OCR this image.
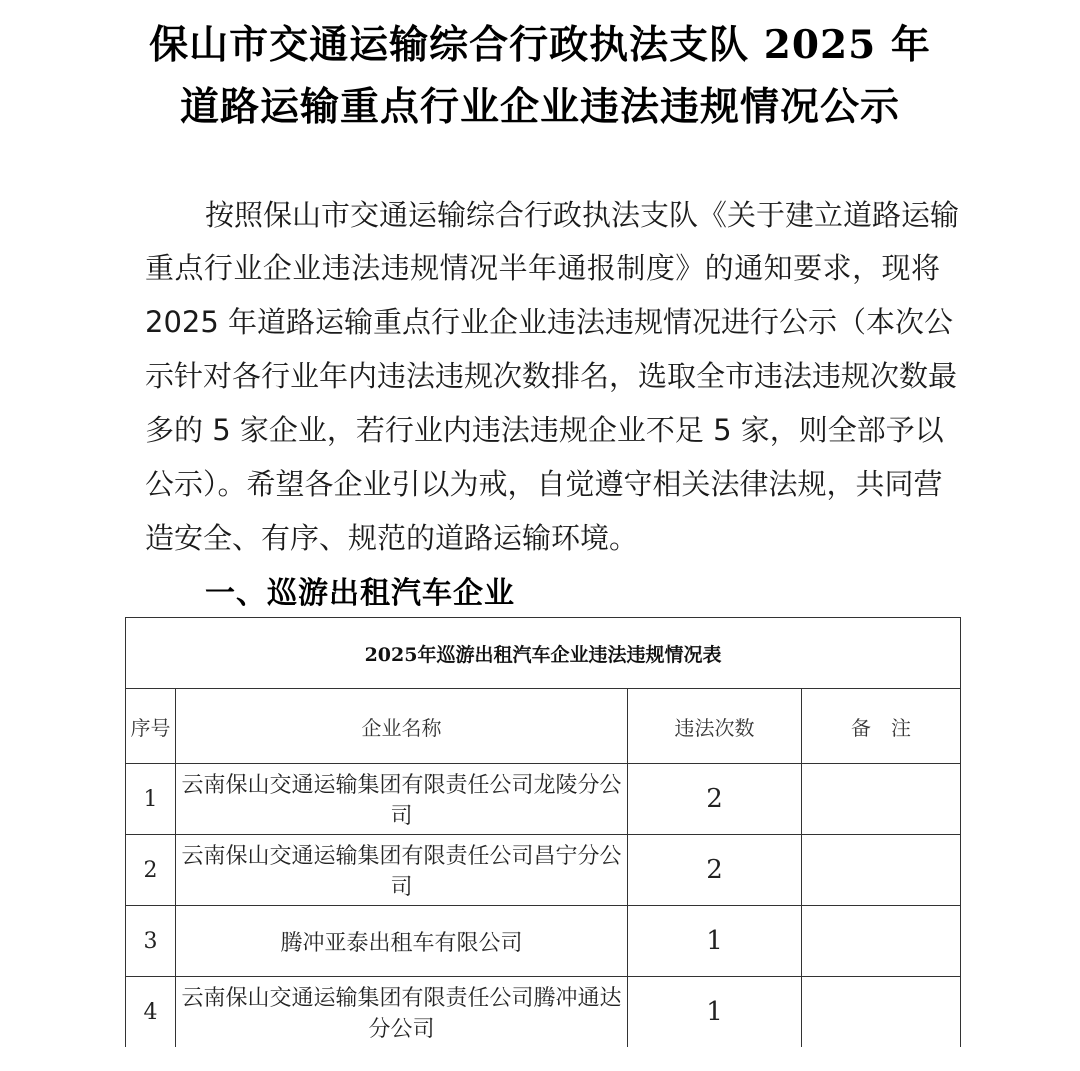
保山市交通运输综合行政执法支队 2025 年
道路运输重点行业企业违法违规情况公示
按照保山市交通运输综合行政执法支队《关于建立道路运输
重点行业企业违法违规情况半年通报制度》的通知要求，现将
2025 年道路运输重点行业企业违法违规情况进行公示（本次公
示针对各行业年内违法违规次数排名，选取全市违法违规次数最
多的 5 家企业，若行业内违法违规企业不足 5 家，则全部予以
公示）。希望各企业引以为戒，自觉遵守相关法律法规，共同营
造安全、有序、规范的道路运输环境。
一、巡游出租汽车企业
2025年巡游出租汽车企业违法违规情况表			
序号	企业名称	违法次数	备　注
1	云南保山交通运输集团有限责任公司龙陵分公司	2	
2	云南保山交通运输集团有限责任公司昌宁分公司	2	
3	腾冲亚泰出租车有限公司	1	
4	云南保山交通运输集团有限责任公司腾冲通达分公司	1	
